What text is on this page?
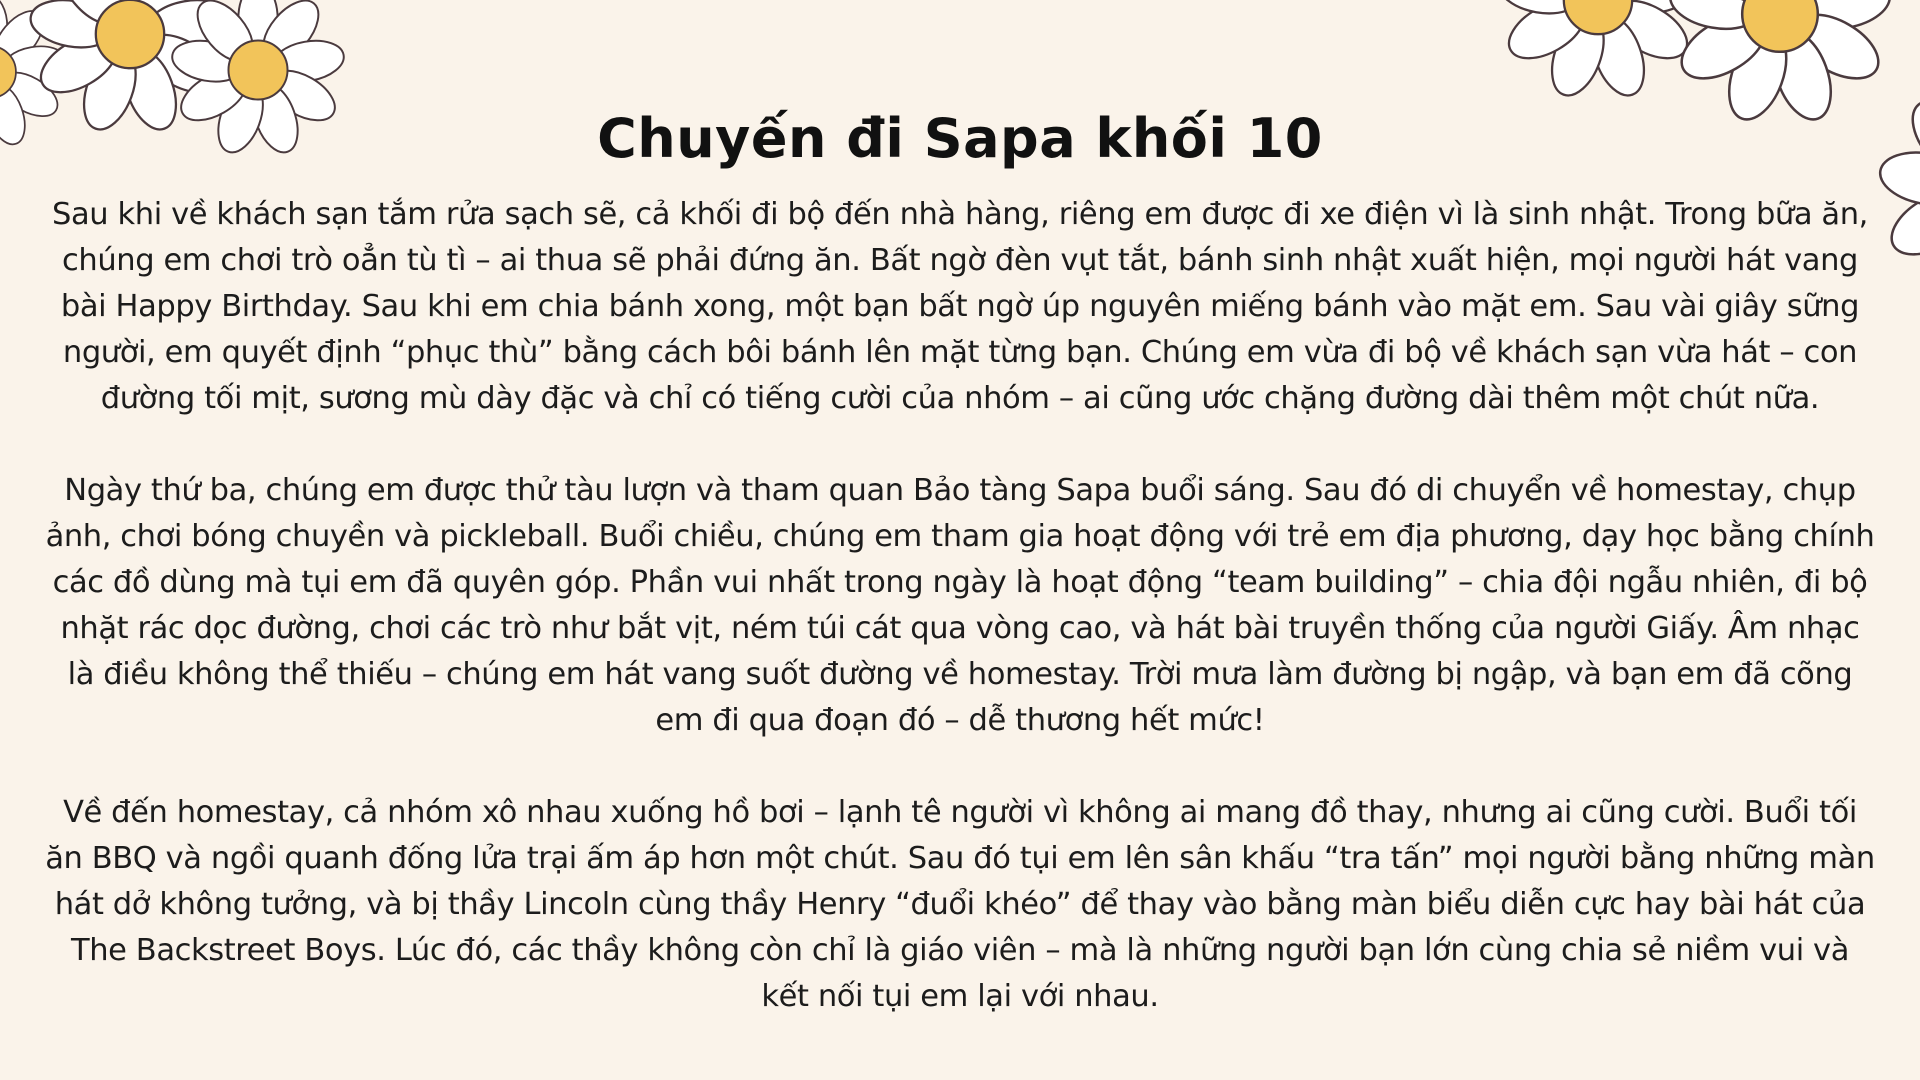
Chuyến đi Sapa khối 10

Sau khi về khách sạn tắm rửa sạch sẽ, cả khối đi bộ đến nhà hàng, riêng em được đi xe điện vì là sinh nhật. Trong bữa ăn, chúng em chơi trò oẳn tù tì – ai thua sẽ phải đứng ăn. Bất ngờ đèn vụt tắt, bánh sinh nhật xuất hiện, mọi người hát vang bài Happy Birthday. Sau khi em chia bánh xong, một bạn bất ngờ úp nguyên miếng bánh vào mặt em. Sau vài giây sững người, em quyết định “phục thù” bằng cách bôi bánh lên mặt từng bạn. Chúng em vừa đi bộ về khách sạn vừa hát – con đường tối mịt, sương mù dày đặc và chỉ có tiếng cười của nhóm – ai cũng ước chặng đường dài thêm một chút nữa.

Ngày thứ ba, chúng em được thử tàu lượn và tham quan Bảo tàng Sapa buổi sáng. Sau đó di chuyển về homestay, chụp ảnh, chơi bóng chuyền và pickleball. Buổi chiều, chúng em tham gia hoạt động với trẻ em địa phương, dạy học bằng chính các đồ dùng mà tụi em đã quyên góp. Phần vui nhất trong ngày là hoạt động “team building” – chia đội ngẫu nhiên, đi bộ nhặt rác dọc đường, chơi các trò như bắt vịt, ném túi cát qua vòng cao, và hát bài truyền thống của người Giấy. Âm nhạc là điều không thể thiếu – chúng em hát vang suốt đường về homestay. Trời mưa làm đường bị ngập, và bạn em đã cõng em đi qua đoạn đó – dễ thương hết mức!

Về đến homestay, cả nhóm xô nhau xuống hồ bơi – lạnh tê người vì không ai mang đồ thay, nhưng ai cũng cười. Buổi tối ăn BBQ và ngồi quanh đống lửa trại ấm áp hơn một chút. Sau đó tụi em lên sân khấu “tra tấn” mọi người bằng những màn hát dở không tưởng, và bị thầy Lincoln cùng thầy Henry “đuổi khéo” để thay vào bằng màn biểu diễn cực hay bài hát của The Backstreet Boys. Lúc đó, các thầy không còn chỉ là giáo viên – mà là những người bạn lớn cùng chia sẻ niềm vui và kết nối tụi em lại với nhau.
